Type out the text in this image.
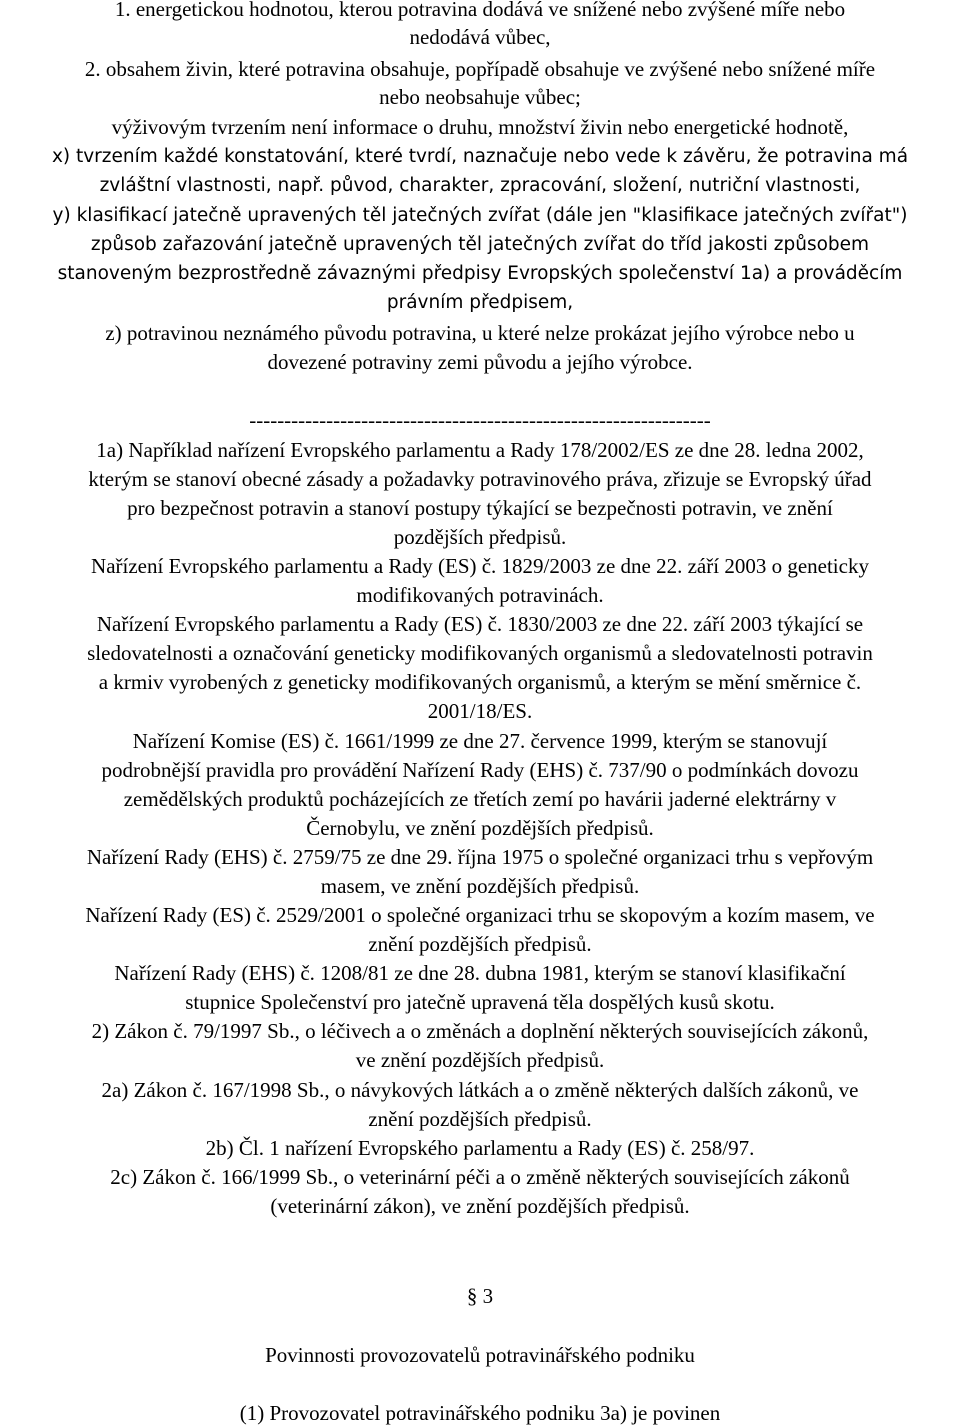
1. energetickou hodnotou, kterou potravina dodává ve snížené nebo zvýšené míře nebo
nedodává vůbec,
2. obsahem živin, které potravina obsahuje, popřípadě obsahuje ve zvýšené nebo snížené míře
nebo neobsahuje vůbec;
výživovým tvrzením není informace o druhu, množství živin nebo energetické hodnotě,
x) tvrzením každé konstatování, které tvrdí, naznačuje nebo vede k závěru, že potravina má
zvláštní vlastnosti, např. původ, charakter, zpracování, složení, nutriční vlastnosti,
y) klasifikací jatečně upravených těl jatečných zvířat (dále jen "klasifikace jatečných zvířat")
způsob zařazování jatečně upravených těl jatečných zvířat do tříd jakosti způsobem
stanoveným bezprostředně závaznými předpisy Evropských společenství 1a) a prováděcím
právním předpisem,
z) potravinou neznámého původu potravina, u které nelze prokázat jejího výrobce nebo u
dovezené potraviny zemi původu a jejího výrobce.
------------------------------------------------------------------
1a) Například nařízení Evropského parlamentu a Rady 178/2002/ES ze dne 28. ledna 2002,
kterým se stanoví obecné zásady a požadavky potravinového práva, zřizuje se Evropský úřad
pro bezpečnost potravin a stanoví postupy týkající se bezpečnosti potravin, ve znění
pozdějších předpisů.
Nařízení Evropského parlamentu a Rady (ES) č. 1829/2003 ze dne 22. září 2003 o geneticky
modifikovaných potravinách.
Nařízení Evropského parlamentu a Rady (ES) č. 1830/2003 ze dne 22. září 2003 týkající se
sledovatelnosti a označování geneticky modifikovaných organismů a sledovatelnosti potravin
a krmiv vyrobených z geneticky modifikovaných organismů, a kterým se mění směrnice č.
2001/18/ES.
Nařízení Komise (ES) č. 1661/1999 ze dne 27. července 1999, kterým se stanovují
podrobnější pravidla pro provádění Nařízení Rady (EHS) č. 737/90 o podmínkách dovozu
zemědělských produktů pocházejících ze třetích zemí po havárii jaderné elektrárny v
Černobylu, ve znění pozdějších předpisů.
Nařízení Rady (EHS) č. 2759/75 ze dne 29. října 1975 o společné organizaci trhu s vepřovým
masem, ve znění pozdějších předpisů.
Nařízení Rady (ES) č. 2529/2001 o společné organizaci trhu se skopovým a kozím masem, ve
znění pozdějších předpisů.
Nařízení Rady (EHS) č. 1208/81 ze dne 28. dubna 1981, kterým se stanoví klasifikační
stupnice Společenství pro jatečně upravená těla dospělých kusů skotu.
2) Zákon č. 79/1997 Sb., o léčivech a o změnách a doplnění některých souvisejících zákonů,
ve znění pozdějších předpisů.
2a) Zákon č. 167/1998 Sb., o návykových látkách a o změně některých dalších zákonů, ve
znění pozdějších předpisů.
2b) Čl. 1 nařízení Evropského parlamentu a Rady (ES) č. 258/97.
2c) Zákon č. 166/1999 Sb., o veterinární péči a o změně některých souvisejících zákonů
(veterinární zákon), ve znění pozdějších předpisů.
§ 3
Povinnosti provozovatelů potravinářského podniku
(1) Provozovatel potravinářského podniku 3a) je povinen
